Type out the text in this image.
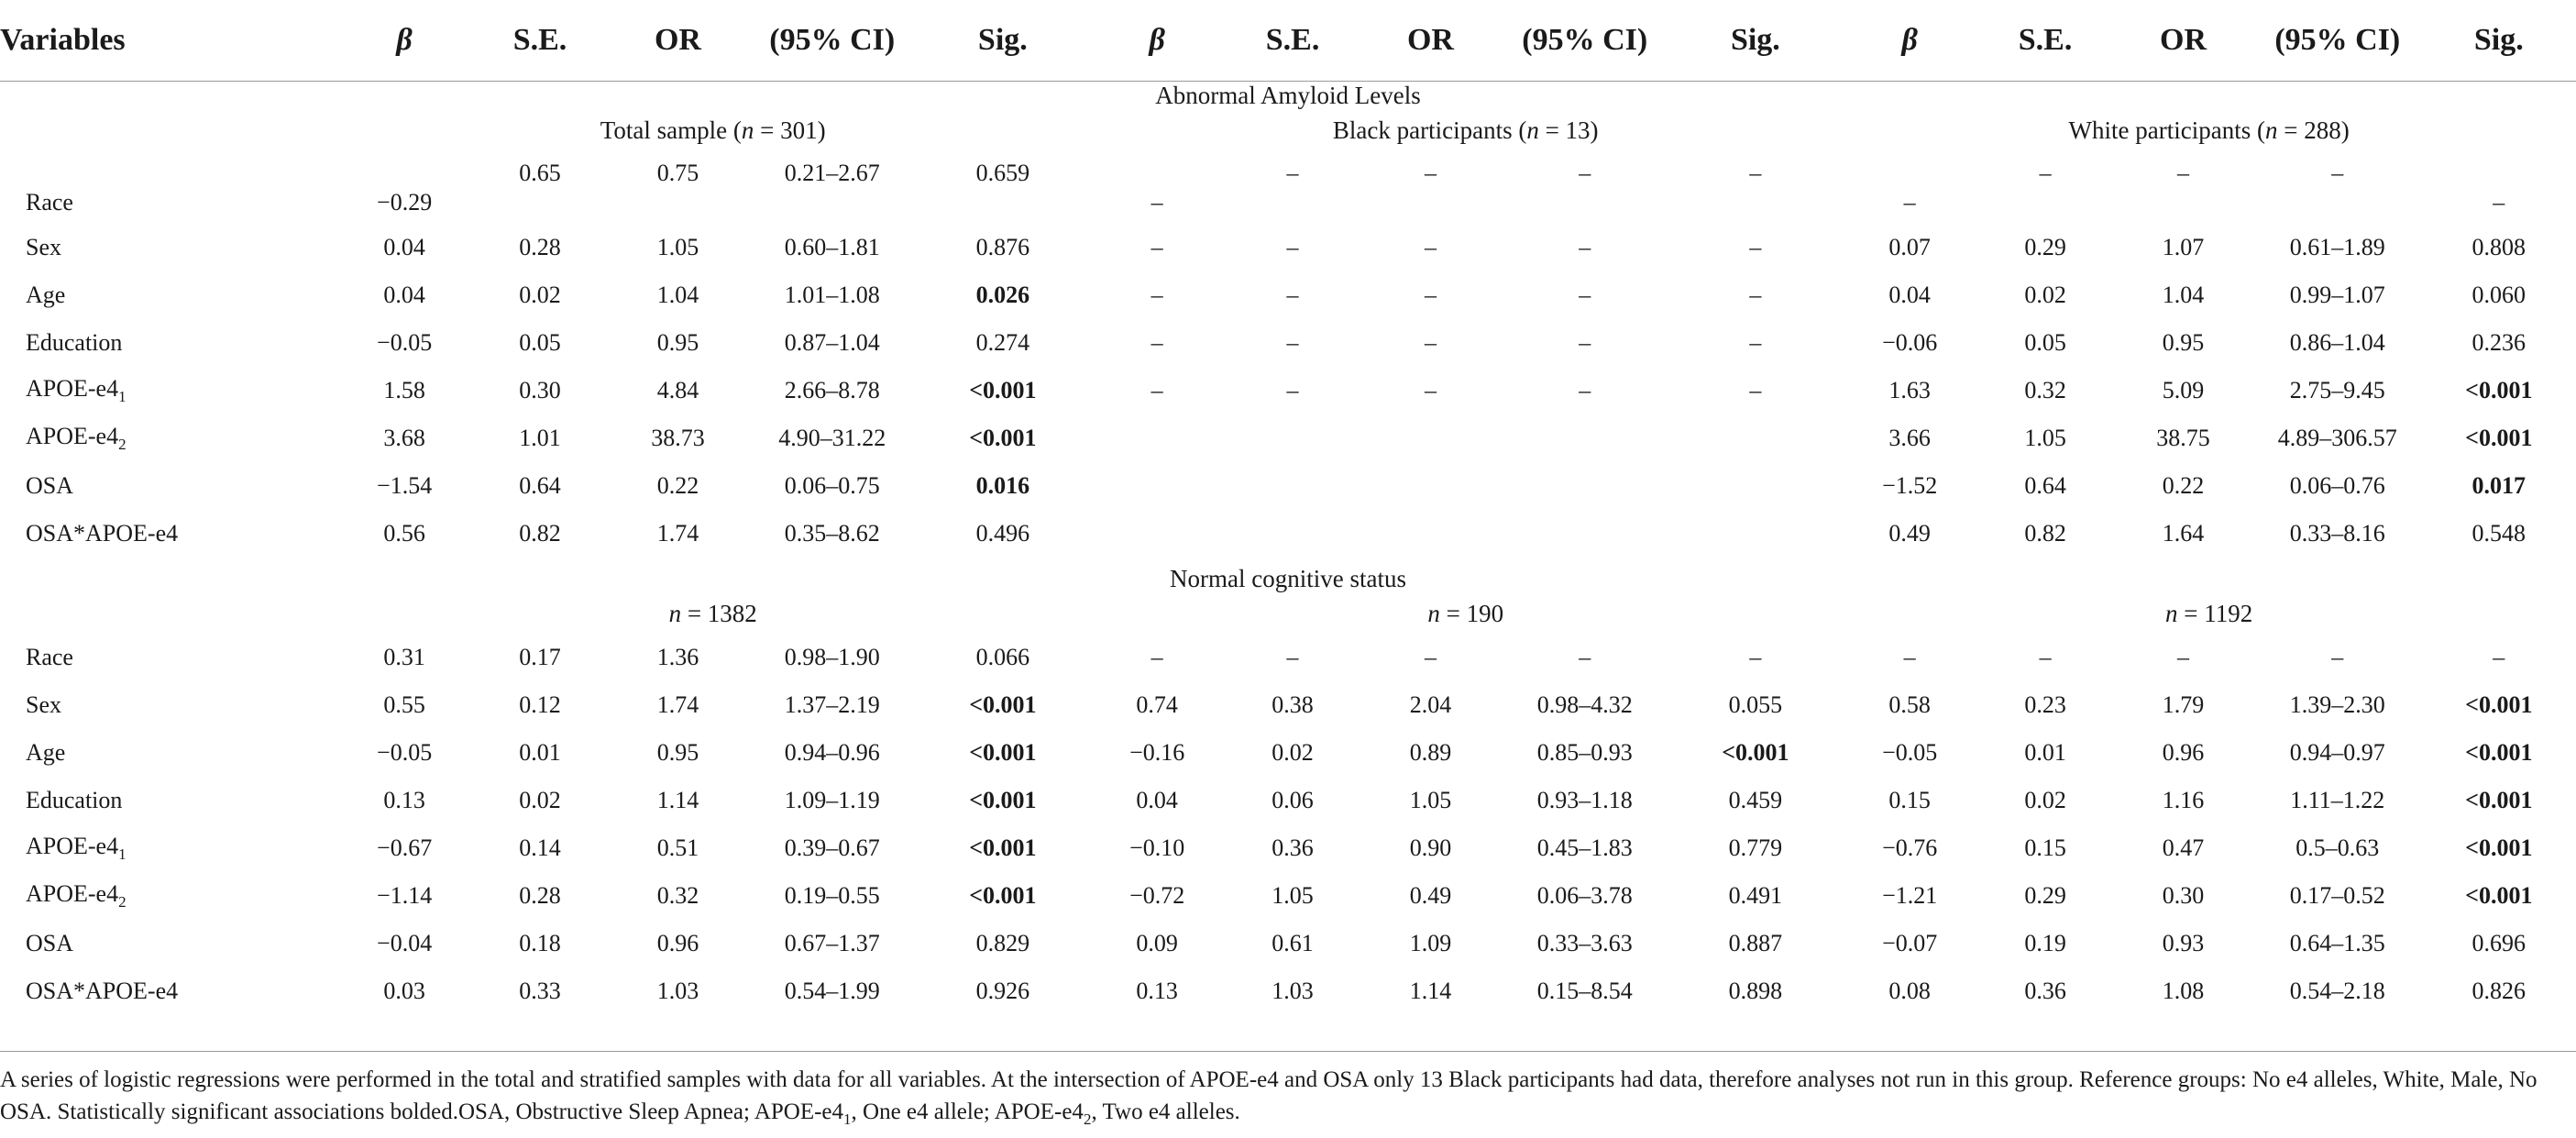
Variables	β	S.E.	OR	(95% CI)	Sig.	β	S.E.	OR	(95% CI)	Sig.	β	S.E.	OR	(95% CI)	Sig.
Abnormal Amyloid Levels															
	Total sample (n = 301)					Black participants (n = 13)					White participants (n = 288)				
Race	−0.29	0.65	0.75	0.21–2.67	0.659	–	–	–	–	–	–	–	–	–	–
Sex	0.04	0.28	1.05	0.60–1.81	0.876	–	–	–	–	–	0.07	0.29	1.07	0.61–1.89	0.808
Age	0.04	0.02	1.04	1.01–1.08	0.026	–	–	–	–	–	0.04	0.02	1.04	0.99–1.07	0.060
Education	−0.05	0.05	0.95	0.87–1.04	0.274	–	–	–	–	–	−0.06	0.05	0.95	0.86–1.04	0.236
APOE-$e4_1$	1.58	0.30	4.84	2.66–8.78	<0.001	–	–	–	–	–	1.63	0.32	5.09	2.75–9.45	<0.001
APOE-$e4_2$	3.68	1.01	38.73	4.90–31.22	<0.001						3.66	1.05	38.75	4.89–306.57	<0.001
OSA	−1.54	0.64	0.22	0.06–0.75	0.016						−1.52	0.64	0.22	0.06–0.76	0.017
OSA*APOE-e4	0.56	0.82	1.74	0.35–8.62	0.496						0.49	0.82	1.64	0.33–8.16	0.548

Normal cognitive status															
	n = 1382					n = 190					n = 1192				
Race	0.31	0.17	1.36	0.98–1.90	0.066	–	–	–	–	–	–	–	–	–	–
Sex	0.55	0.12	1.74	1.37–2.19	<0.001	0.74	0.38	2.04	0.98–4.32	0.055	0.58	0.23	1.79	1.39–2.30	<0.001
Age	−0.05	0.01	0.95	0.94–0.96	<0.001	−0.16	0.02	0.89	0.85–0.93	<0.001	−0.05	0.01	0.96	0.94–0.97	<0.001
Education	0.13	0.02	1.14	1.09–1.19	<0.001	0.04	0.06	1.05	0.93–1.18	0.459	0.15	0.02	1.16	1.11–1.22	<0.001
APOE-$e4_1$	−0.67	0.14	0.51	0.39–0.67	<0.001	−0.10	0.36	0.90	0.45–1.83	0.779	−0.76	0.15	0.47	0.5–0.63	<0.001
APOE-$e4_2$	−1.14	0.28	0.32	0.19–0.55	<0.001	−0.72	1.05	0.49	0.06–3.78	0.491	−1.21	0.29	0.30	0.17–0.52	<0.001
OSA	−0.04	0.18	0.96	0.67–1.37	0.829	0.09	0.61	1.09	0.33–3.63	0.887	−0.07	0.19	0.93	0.64–1.35	0.696
OSA*APOE-e4	0.03	0.33	1.03	0.54–1.99	0.926	0.13	1.03	1.14	0.15–8.54	0.898	0.08	0.36	1.08	0.54–2.18	0.826
A series of logistic regressions were performed in the total and stratified samples with data for all variables. At the intersection of APOE-e4 and OSA only 13 Black participants had data, therefore analyses not run in this group. Reference groups: No e4 alleles, White, Male, No OSA. Statistically significant associations bolded.OSA, Obstructive Sleep Apnea; APOE-$e4_1$, One e4 allele; APOE-$e4_2$, Two e4 alleles.
